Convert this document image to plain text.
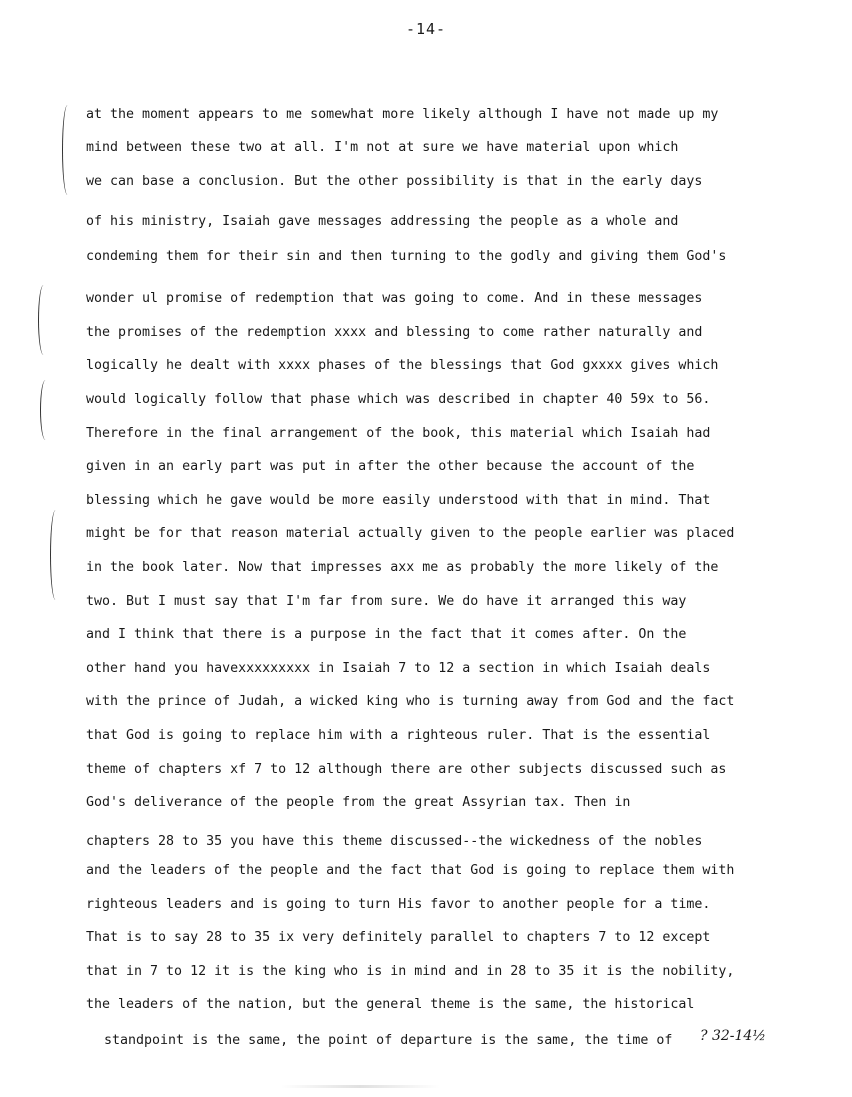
-14-
at the moment appears to me somewhat more likely although I have not made up my
mind between these two at all. I'm not at sure we have material upon which
we can base a conclusion. But the other possibility is that in the early days
of his ministry, Isaiah gave messages addressing the people as a whole and
condeming them for their sin and then turning to the godly and giving them God's
wonder ul promise of redemption that was going to come. And in these messages
the promises of the redemption xxxx and blessing to come rather naturally and
logically he dealt with xxxx phases of the blessings that God gxxxx gives which
would logically follow that phase which was described in chapter 40 59x to 56.
Therefore in the final arrangement of the book, this material which Isaiah had
given in an early part was put in after the other because the account of the
blessing which he gave would be more easily understood with that in mind. That
might be for that reason material actually given to the people earlier was placed
in the book later. Now that impresses axx me as probably the more likely of the
two. But I must say that I'm far from sure. We do have it arranged this way
and I think that there is a purpose in the fact that it comes after. On the
other hand you havexxxxxxxxx in Isaiah 7 to 12 a section in which Isaiah deals
with the prince of Judah, a wicked king who is turning away from God and the fact
that God is going to replace him with a righteous ruler. That is the essential
theme of chapters xf 7 to 12 although there are other subjects discussed such as
God's deliverance of the people from the great Assyrian tax. Then in
chapters 28 to 35 you have this theme discussed--the wickedness of the nobles
and the leaders of the people and the fact that God is going to replace them with
righteous leaders and is going to turn His favor to another people for a time.
That is to say 28 to 35 ix very definitely parallel to chapters 7 to 12 except
that in 7 to 12 it is the king who is in mind and in 28 to 35 it is the nobility,
the leaders of the nation, but the general theme is the same, the historical
standpoint is the same, the point of departure is the same, the time of ? 32-14½
